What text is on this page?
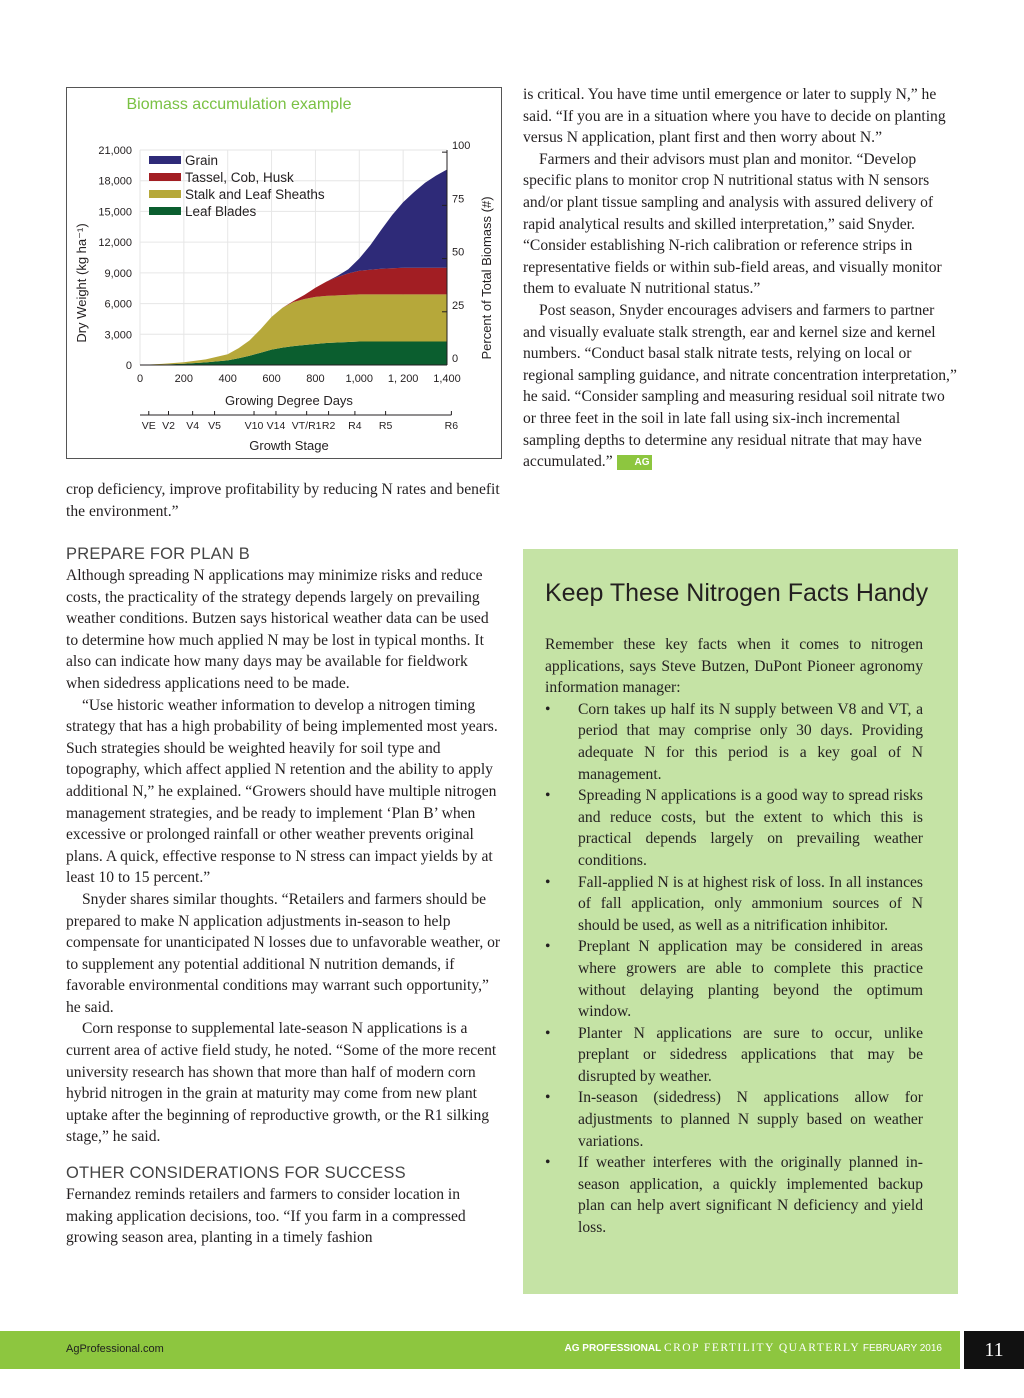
Biomass accumulation example
0
3,000
6,000
9,000
12,000
15,000
18,000
21,000
0	200 400 600 800 1,000 1, 200 1,400
0
25
50
75
100
Grain
Tassel, Cob, Husk
Stalk and Leaf Sheaths
Leaf Blades
Dry Weight (kg ha⁻¹)	Percent of Total Biomass (#)
Growing Degree Days
VE V2 V4 V5 V10 V14 VT/R1 R2 R4 R5	R6
Growth Stage

crop deficiency, improve profitability by reducing N rates and benefit the environment.”

is critical. You have time until emergence or later to supply N,” he said. “If you are in a situation where you have to decide on planting versus N application, plant first and then worry about N.”

Farmers and their advisors must plan and monitor. “Develop specific plans to monitor crop N nutritional status with N sensors and/or plant tissue sampling and analysis with assured delivery of rapid analytical results and skilled interpretation,” said Snyder. “Consider establishing N-rich calibration or reference strips in representative fields or within sub-field areas, and visually monitor them to evaluate N nutritional status.”

Post season, Snyder encourages advisers and farmers to partner and visually evaluate stalk strength, ear and kernel size and kernel numbers. “Conduct basal stalk nitrate tests, relying on local or regional sampling guidance, and nitrate concentration interpretation,” he said. “Consider sampling and measuring residual soil nitrate two or three feet in the soil in late fall using six-inch incremental sampling depths to determine any residual nitrate that may have accumulated.” AG

PREPARE FOR PLAN B

Although spreading N applications may minimize risks and reduce costs, the practicality of the strategy depends largely on prevailing weather conditions. Butzen says historical weather data can be used to determine how much applied N may be lost in typical months. It also can indicate how many days may be available for fieldwork when sidedress applications need to be made.

“Use historic weather information to develop a nitrogen timing strategy that has a high probability of being implemented most years. Such strategies should be weighted heavily for soil type and topography, which affect applied N retention and the ability to apply additional N,” he explained. “Growers should have multiple nitrogen management strategies, and be ready to implement ‘Plan B’ when excessive or prolonged rainfall or other weather prevents original plans. A quick, effective response to N stress can impact yields by at least 10 to 15 percent.”

Snyder shares similar thoughts. “Retailers and farmers should be prepared to make N application adjustments in-season to help compensate for unanticipated N losses due to unfavorable weather, or to supplement any potential additional N nutrition demands, if favorable environmental conditions may warrant such opportunity,” he said.

Corn response to supplemental late-season N applications is a current area of active field study, he noted. “Some of the more recent university research has shown that more than half of modern corn hybrid nitrogen in the grain at maturity may come from new plant uptake after the beginning of reproductive growth, or the R1 silking stage,” he said.

OTHER CONSIDERATIONS FOR SUCCESS

Fernandez reminds retailers and farmers to consider location in making application decisions, too. “If you farm in a compressed growing season area, planting in a timely fashion

Keep These Nitrogen Facts Handy

Remember these key facts when it comes to nitrogen applications, says Steve Butzen, DuPont Pioneer agronomy information manager:

• Corn takes up half its N supply between V8 and VT, a period that may comprise only 30 days. Providing adequate N for this period is a key goal of N management.
• Spreading N applications is a good way to spread risks and reduce costs, but the extent to which this is practical depends largely on prevailing weather conditions.
• Fall-applied N is at highest risk of loss. In all instances of fall application, only ammonium sources of N should be used, as well as a nitrification inhibitor.
• Preplant N application may be considered in areas where growers are able to complete this practice without delaying planting beyond the optimum window.
• Planter N applications are sure to occur, unlike preplant or sidedress applications that may be disrupted by weather.
• In-season (sidedress) N applications allow for adjustments to planned N supply based on weather variations.
• If weather interferes with the originally planned in-season application, a quickly implemented backup plan can help avert significant N deficiency and yield loss.
AgProfessional.com	AG PROFESSIONAL CROP FERTILITY QUARTERLY FEBRUARY 2016	11
